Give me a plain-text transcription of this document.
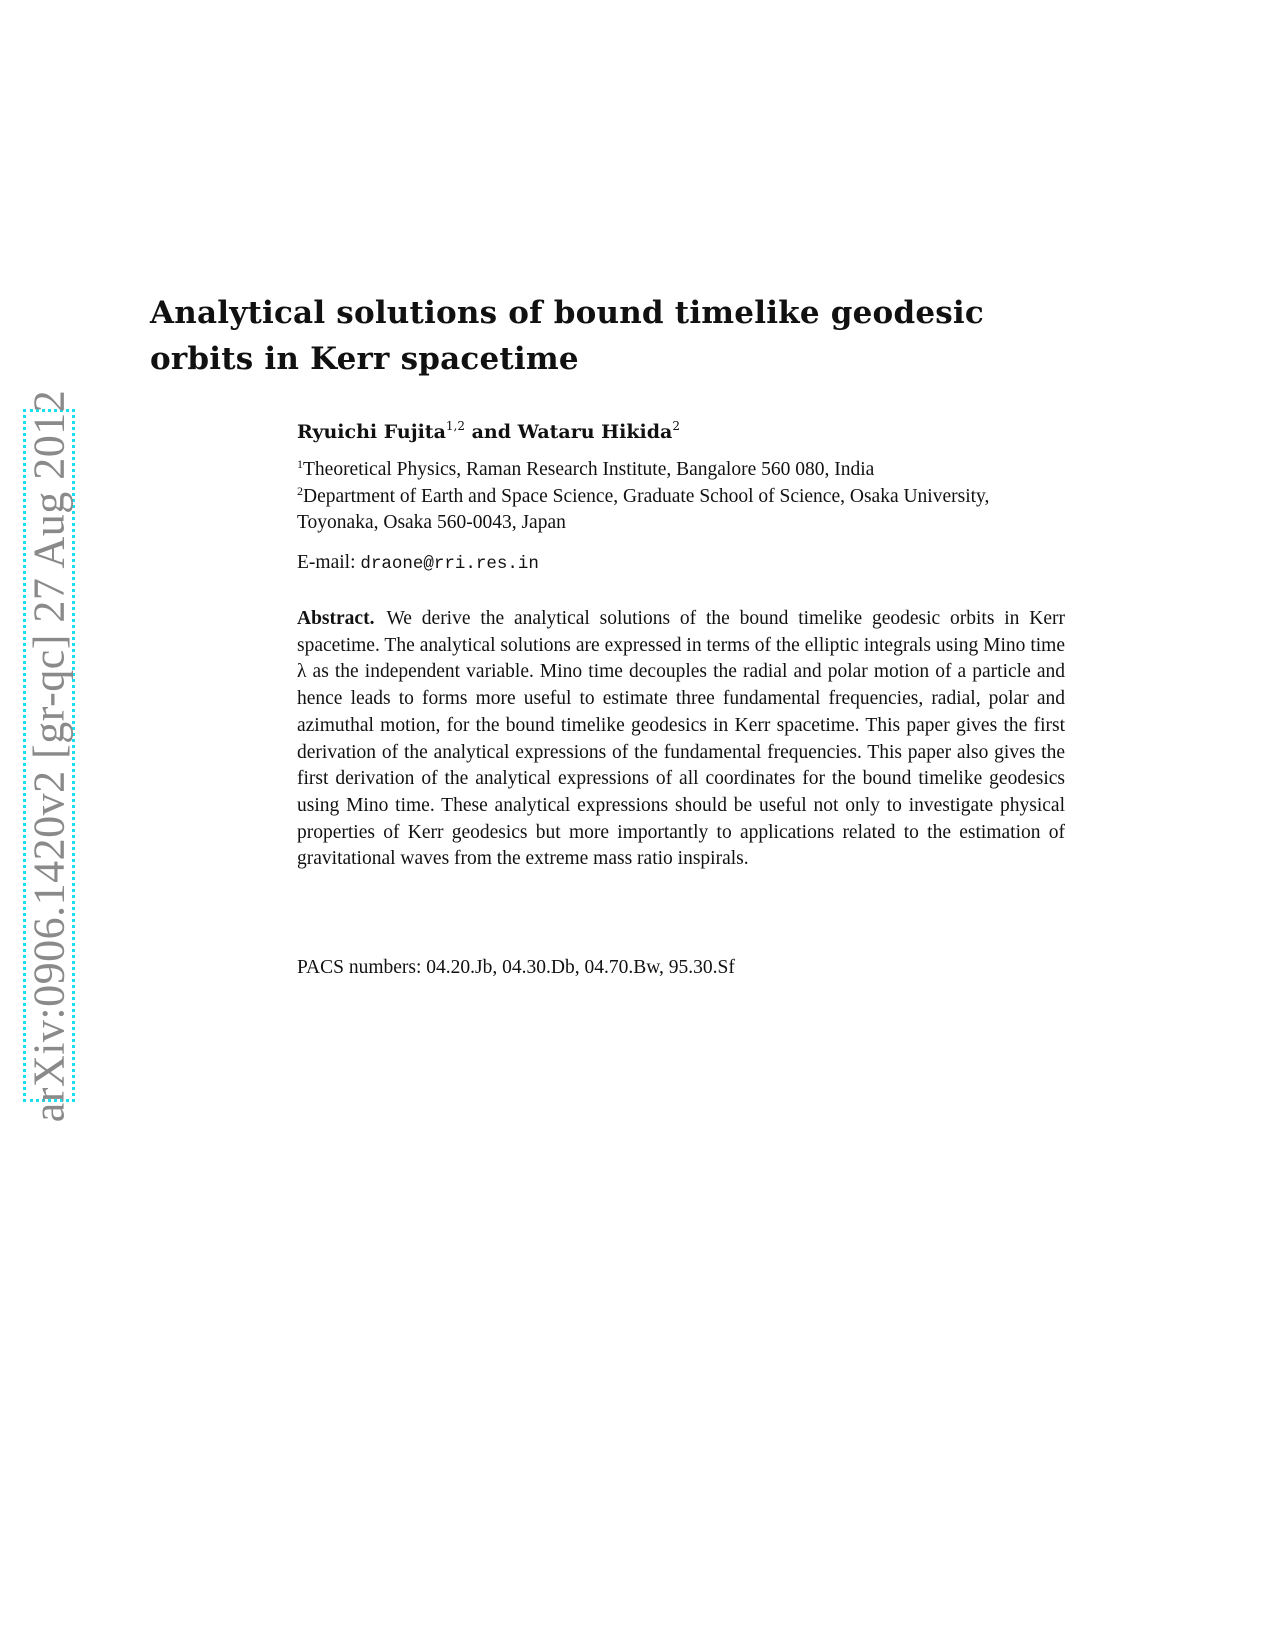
arXiv:0906.1420v2 [gr-qc] 27 Aug 2012
Analytical solutions of bound timelike geodesic
orbits in Kerr spacetime
Ryuichi Fujita$^{1,2}$ and Wataru Hikida$^2$
$^1$Theoretical Physics, Raman Research Institute, Bangalore 560 080, India
$^2$Department of Earth and Space Science, Graduate School of Science, Osaka University, Toyonaka, Osaka 560-0043, Japan
E-mail: draone@rri.res.in
Abstract. We derive the analytical solutions of the bound timelike geodesic orbits in Kerr spacetime. The analytical solutions are expressed in terms of the elliptic integrals using Mino time λ as the independent variable. Mino time decouples the radial and polar motion of a particle and hence leads to forms more useful to estimate three fundamental frequencies, radial, polar and azimuthal motion, for the bound timelike geodesics in Kerr spacetime. This paper gives the first derivation of the analytical expressions of the fundamental frequencies. This paper also gives the first derivation of the analytical expressions of all coordinates for the bound timelike geodesics using Mino time. These analytical expressions should be useful not only to investigate physical properties of Kerr geodesics but more importantly to applications related to the estimation of gravitational waves from the extreme mass ratio inspirals.
PACS numbers: 04.20.Jb, 04.30.Db, 04.70.Bw, 95.30.Sf
